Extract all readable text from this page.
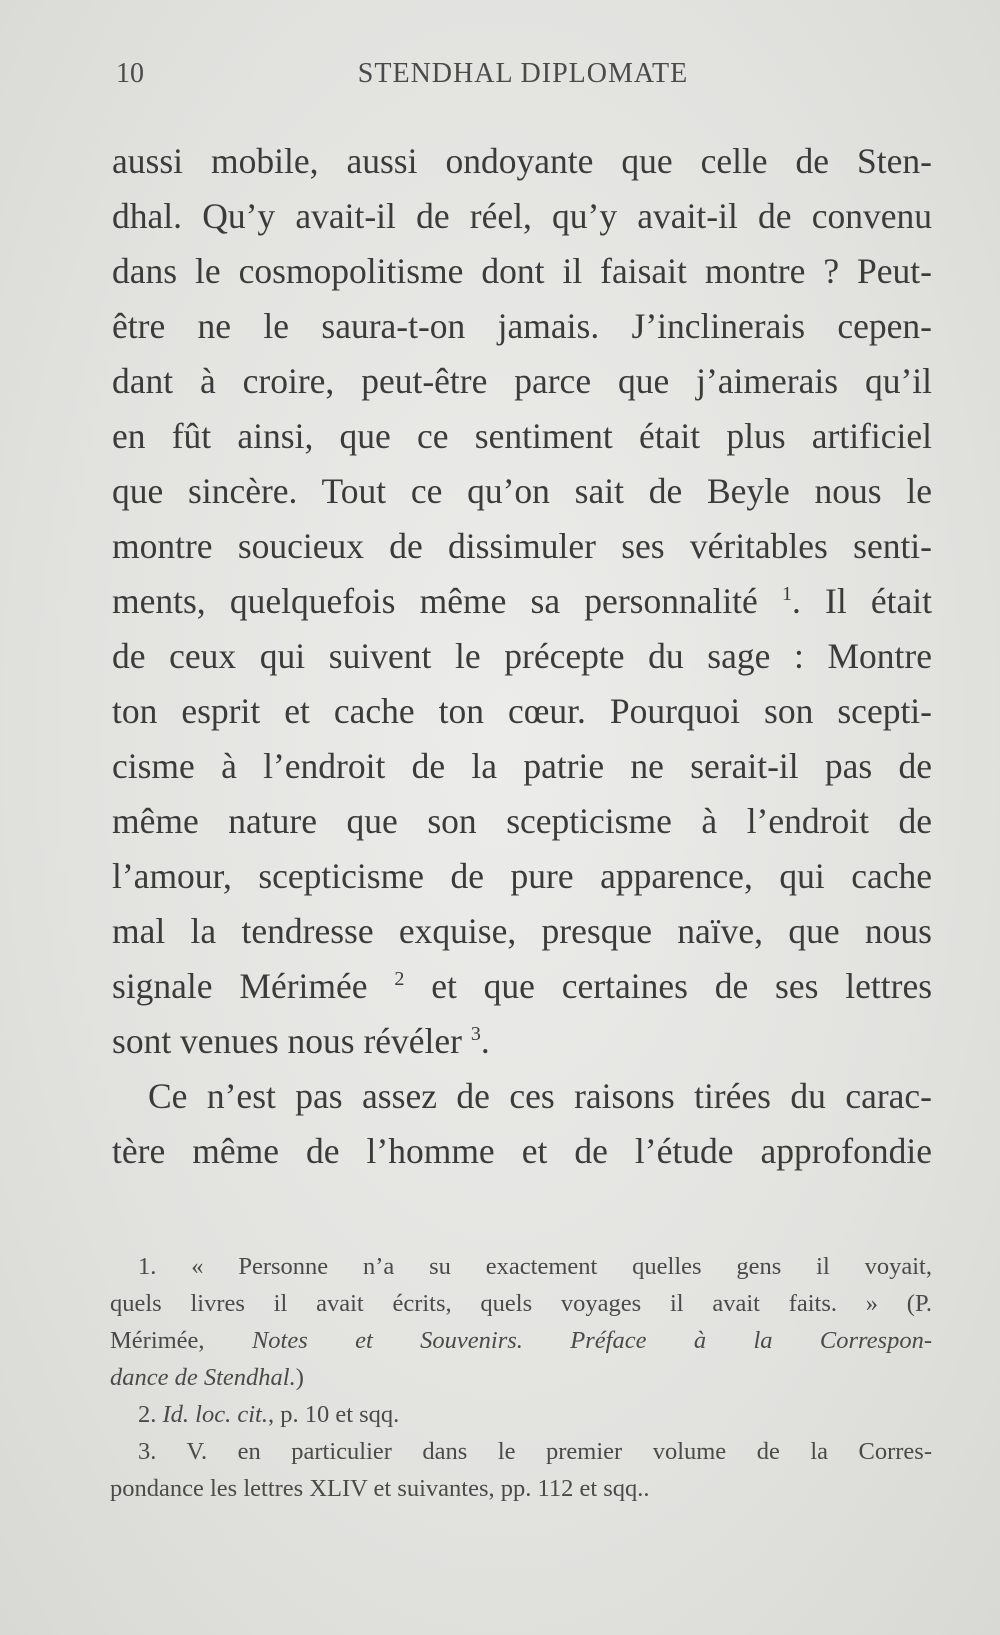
10	STENDHAL DIPLOMATE
aussi mobile, aussi ondoyante que celle de Sten-
dhal. Qu’y avait-il de réel, qu’y avait-il de convenu
dans le cosmopolitisme dont il faisait montre ? Peut-
être ne le saura-t-on jamais. J’inclinerais cepen-
dant à croire, peut-être parce que j’aimerais qu’il
en fût ainsi, que ce sentiment était plus artificiel
que sincère. Tout ce qu’on sait de Beyle nous le
montre soucieux de dissimuler ses véritables senti-
ments, quelquefois même sa personnalité $^1$. Il était
de ceux qui suivent le précepte du sage : Montre
ton esprit et cache ton cœur. Pourquoi son scepti-
cisme à l’endroit de la patrie ne serait-il pas de
même nature que son scepticisme à l’endroit de
l’amour, scepticisme de pure apparence, qui cache
mal la tendresse exquise, presque naïve, que nous
signale Mérimée $^2$ et que certaines de ses lettres
sont venues nous révéler $^3$.
Ce n’est pas assez de ces raisons tirées du carac-
tère même de l’homme et de l’étude approfondie
1. « Personne n’a su exactement quelles gens il voyait,
quels livres il avait écrits, quels voyages il avait faits. » (P.
Mérimée, Notes et Souvenirs. Préface à la Correspon-
dance de Stendhal.)
2. Id. loc. cit., p. 10 et sqq.
3. V. en particulier dans le premier volume de la Corres-
pondance les lettres XLIV et suivantes, pp. 112 et sqq..
